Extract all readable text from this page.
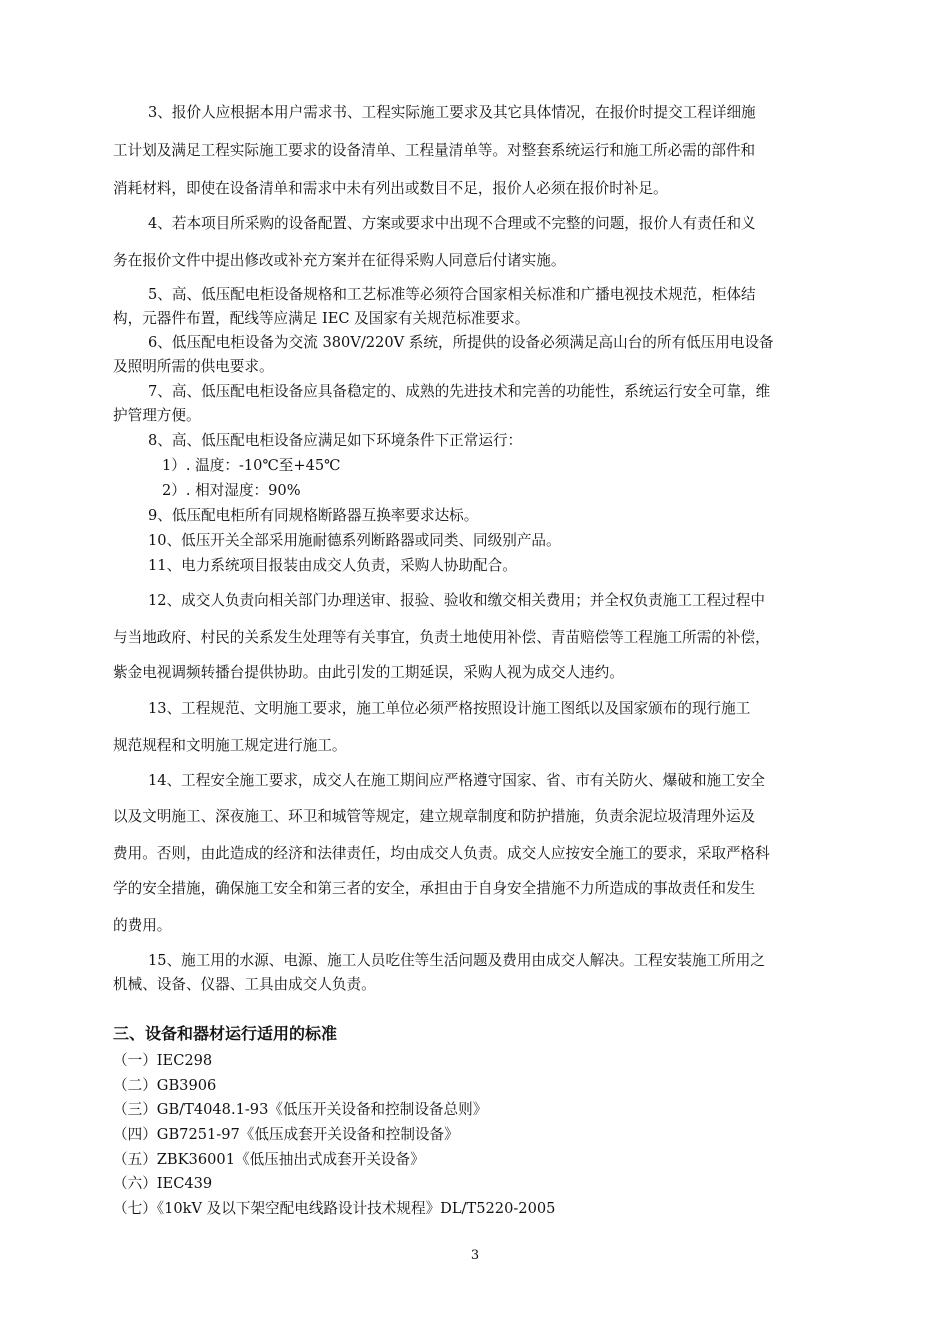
3、报价人应根据本用户需求书、工程实际施工要求及其它具体情况，在报价时提交工程详细施
工计划及满足工程实际施工要求的设备清单、工程量清单等。对整套系统运行和施工所必需的部件和
消耗材料，即使在设备清单和需求中未有列出或数目不足，报价人必须在报价时补足。
4、若本项目所采购的设备配置、方案或要求中出现不合理或不完整的问题，报价人有责任和义
务在报价文件中提出修改或补充方案并在征得采购人同意后付诸实施。
5、高、低压配电柜设备规格和工艺标准等必须符合国家相关标准和广播电视技术规范，柜体结
构，元器件布置，配线等应满足 IEC 及国家有关规范标准要求。
6、低压配电柜设备为交流 380V/220V 系统，所提供的设备必须满足高山台的所有低压用电设备
及照明所需的供电要求。
7、高、低压配电柜设备应具备稳定的、成熟的先进技术和完善的功能性，系统运行安全可靠，维
护管理方便。
8、高、低压配电柜设备应满足如下环境条件下正常运行：
1）. 温度：-10℃至+45℃
2）. 相对湿度：90%
9、低压配电柜所有同规格断路器互换率要求达标。
10、低压开关全部采用施耐德系列断路器或同类、同级别产品。
11、电力系统项目报装由成交人负责，采购人协助配合。
12、成交人负责向相关部门办理送审、报验、验收和缴交相关费用；并全权负责施工工程过程中
与当地政府、村民的关系发生处理等有关事宜，负责土地使用补偿、青苗赔偿等工程施工所需的补偿，
紫金电视调频转播台提供协助。由此引发的工期延误，采购人视为成交人违约。
13、工程规范、文明施工要求，施工单位必须严格按照设计施工图纸以及国家颁布的现行施工
规范规程和文明施工规定进行施工。
14、工程安全施工要求，成交人在施工期间应严格遵守国家、省、市有关防火、爆破和施工安全
以及文明施工、深夜施工、环卫和城管等规定，建立规章制度和防护措施，负责余泥垃圾清理外运及
费用。否则，由此造成的经济和法律责任，均由成交人负责。成交人应按安全施工的要求，采取严格科
学的安全措施，确保施工安全和第三者的安全，承担由于自身安全措施不力所造成的事故责任和发生
的费用。
15、施工用的水源、电源、施工人员吃住等生活问题及费用由成交人解决。工程安装施工所用之
机械、设备、仪器、工具由成交人负责。
三、设备和器材运行适用的标准
（一）IEC298
（二）GB3906
（三）GB/T4048.1-93《低压开关设备和控制设备总则》
（四）GB7251-97《低压成套开关设备和控制设备》
（五）ZBK36001《低压抽出式成套开关设备》
（六）IEC439
（七）《10kV 及以下架空配电线路设计技术规程》DL/T5220-2005
3
